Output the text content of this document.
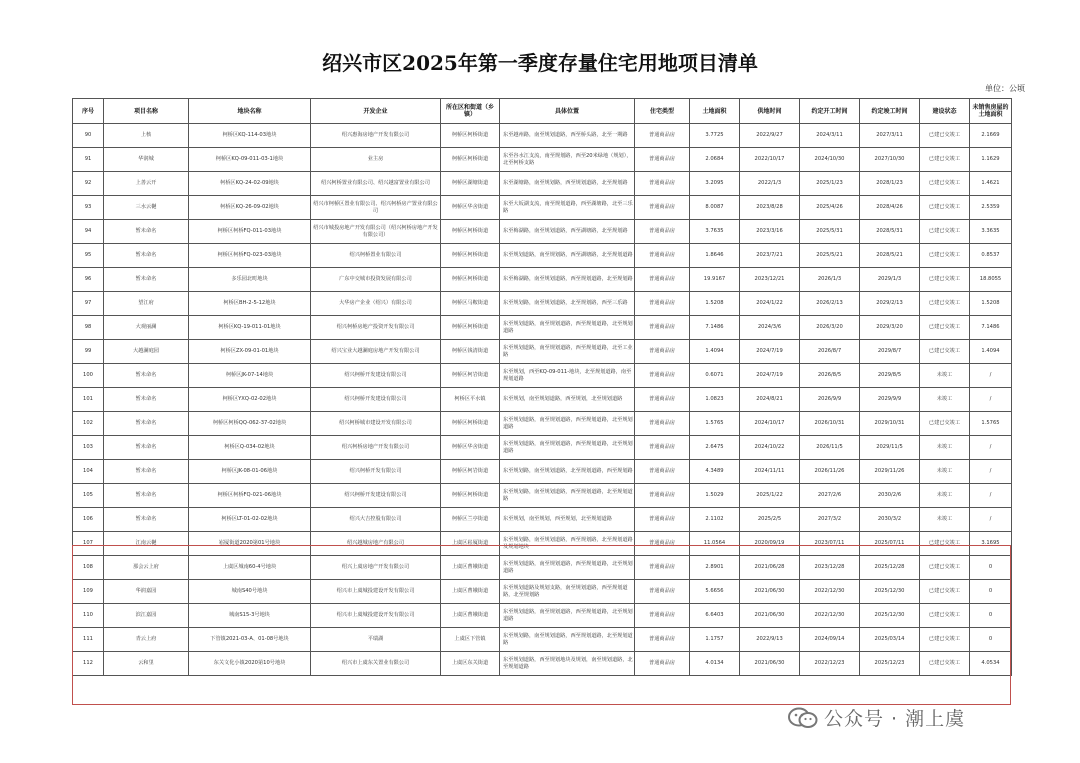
绍兴市区2025年第一季度存量住宅用地项目清单
单位：公顷
序号	项目名称	地块名称	开发企业	所在区和街道（乡镇）	具体位置	住宅类型	土地面积	供地时间	约定开工时间	约定竣工时间	建设状态	未销售房屋的土地面积
90	上核	柯桥区KQ-114-03地块	绍兴惠海房地产开发有限公司	柯桥区柯桥街道	东至越州路，南至规划道路，西至桥头路，北至一期路	普通商品房	3.7725	2022/9/27	2024/3/11	2027/3/11	已建已交竣工	2.1669
91	华润城	柯桥区KQ-09-011-03-1地块	业主房	柯桥区柯桥街道	东至谷水江支流，南至规划路，西至20米绿地（规划），北至柯桥支路	普通商品房	2.0684	2022/10/17	2024/10/30	2027/10/30	已建已交竣工	1.1629
92	上善云开	柯桥区KQ-24-02-09地块	绍兴柯桥置业有限公司、绍兴越富置业有限公司	柯桥区湖塘街道	东至湖塘路，南至规划路，西至规划道路，北至规划路	普通商品房	3.2095	2022/1/3	2025/1/23	2028/1/23	已建已交竣工	1.4621
93	三水云樾	柯桥区KQ-26-09-02地块	绍兴市柯桥区置业有限公司、绍兴柯桥房产置业有限公司	柯桥区华舍街道	东至大坂湖支流，南至规划道路，西至湖塘路，北至三乐路	普通商品房	8.0087	2023/8/28	2025/4/26	2028/4/26	已建已交竣工	2.5359
94	暂未命名	柯桥区柯桥FQ-011-03地块	绍兴市城投房地产开发有限公司（绍兴柯桥房地产开发有限公司）	柯桥区柯桥街道	东至梅湖路，南至规划道路，西至湖塘路，北至规划路	普通商品房	3.7635	2023/3/16	2025/5/31	2028/5/31	已建已交竣工	3.3635
95	暂未命名	柯桥区柯桥FQ-023-03地块	绍兴柯桥置业有限公司	柯桥区柯桥街道	东至规划道路，南至规划路，西至湖塘路，北至规划道路	普通商品房	1.8646	2023/7/21	2025/5/21	2028/5/21	已建已交竣工	0.8537
96	暂未命名	多乐园北町地块	广东中交城市投资发展有限公司	柯桥区柯桥街道	东至梅湖路，南至规划道路，西至规划道路，北至规划路	普通商品房	19.9167	2023/12/21	2026/1/3	2029/1/3	已建已交竣工	18.8055
97	望江府	柯桥区BH-2-5-12地块	大华房产企业（绍兴）有限公司	柯桥区马鞍街道	东至规划路，南至规划道路，北至规划路，西至三乐路	普通商品房	1.5208	2024/1/22	2026/2/13	2029/2/13	已建已交竣工	1.5208
98	大观丽澜	柯桥区KQ-19-011-01地块	绍兴柯桥房地产投资开发有限公司	柯桥区柯桥街道	东至规划道路，南至规划道路，西至规划道路，北至规划道路	普通商品房	7.1486	2024/3/6	2026/3/20	2029/3/20	已建已交竣工	7.1486
99	大越澜庭园	柯桥区ZX-09-01-01地块	绍兴宝业大越澜庭房地产开发有限公司	柯桥区钱清街道	东至规划道路，南至规划道路，西至规划道路，北至工业路	普通商品房	1.4094	2024/7/19	2026/8/7	2029/8/7	已建已交竣工	1.4094
100	暂未命名	柯桥区JK-07-14地块	绍兴柯桥开发建设有限公司	柯桥区柯岩街道	东至规划，西至KQ-09-011-地块，北至规划道路，南至规划道路	普通商品房	0.6071	2024/7/19	2026/8/5	2029/8/5	未竣工	/
101	暂未命名	柯桥区YXQ-02-02地块	绍兴柯桥开发建设有限公司	柯桥区平水镇	东至规划，南至规划道路，西至规划，北至规划道路	普通商品房	1.0823	2024/8/21	2026/9/9	2029/9/9	未竣工	/
102	暂未命名	柯桥区柯桥QQ-062-37-02地块	绍兴柯桥城市建设开发有限公司	柯桥区柯桥街道	东至规划道路，南至规划道路，西至规划道路，北至规划道路	普通商品房	1.5765	2024/10/17	2026/10/31	2029/10/31	已建已交竣工	1.5765
103	暂未命名	柯桥区Q-034-02地块	绍兴柯桥房地产开发有限公司	柯桥区华舍街道	东至规划道路，南至规划道路，西至规划道路，北至规划道路	普通商品房	2.6475	2024/10/22	2026/11/5	2029/11/5	未竣工	/
104	暂未命名	柯桥区JK-08-01-06地块	绍兴柯桥开发有限公司	柯桥区柯岩街道	东至规划路，南至规划道路，北至规划道路，西至规划路	普通商品房	4.3489	2024/11/11	2026/11/26	2029/11/26	未竣工	/
105	暂未命名	柯桥区柯桥FQ-021-06地块	绍兴柯桥开发建设有限公司	柯桥区柯桥街道	东至规划路，南至规划道路，西至规划道路，北至规划道路	普通商品房	1.5029	2025/1/22	2027/2/6	2030/2/6	未竣工	/
106	暂未命名	柯桥区LT-01-02-02地块	绍兴大吉控股有限公司	柯桥区兰亭街道	东至规划，南至规划，西至规划，北至规划道路	普通商品房	2.1102	2025/2/5	2027/3/2	2030/3/2	未竣工	/
107	江南云樾	崧厦街道2020第01号地块	绍兴越城房地产有限公司	上虞区崧厦街道	东至规划路，南至规划道路，西至规划路，北至规划道路及规划地块	普通商品房	11.0564	2020/09/19	2023/07/11	2025/07/11	已建已交竣工	3.1695
108	那会云上府	上虞区城南60-4号地块	绍兴上虞房地产开发有限公司	上虞区曹娥街道	东至规划道路，南至规划道路，西至规划道路，北至规划道路	普通商品房	2.8901	2021/06/28	2023/12/28	2025/12/28	已建已交竣工	0
109	华润嘉园	城南S40号地块	绍兴市上虞城投建设开发有限公司	上虞区曹娥街道	东至规划道路及规划支路，南至规划道路，西至规划道路，北至规划路	普通商品房	5.6656	2021/06/30	2022/12/30	2025/12/30	已建已交竣工	0
110	滨江嘉园	城南S15-3号地块	绍兴市上虞城投建设开发有限公司	上虞区曹娥街道	东至规划道路，南至规划道路，西至规划道路，北至规划道路	普通商品房	6.6403	2021/06/30	2022/12/30	2025/12/30	已建已交竣工	0
111	青云上府	下管镇2021-03-A、01-08号地块	平瑞湖	上虞区下管镇	东至规划路，南至规划道路，西至规划道路，北至规划道路	普通商品房	1.1757	2022/9/13	2024/09/14	2025/03/14	已建已交竣工	0
112	云和里	东关文化小镇2020第10号地块	绍兴市上虞东关置业有限公司	上虞区东关街道	东至规划道路，西至规划地块及规划，南至规划道路，北至规划道路	普通商品房	4.0134	2021/06/30	2022/12/23	2025/12/23	已建已交竣工	4.0534
公众号 · 潮上虞
